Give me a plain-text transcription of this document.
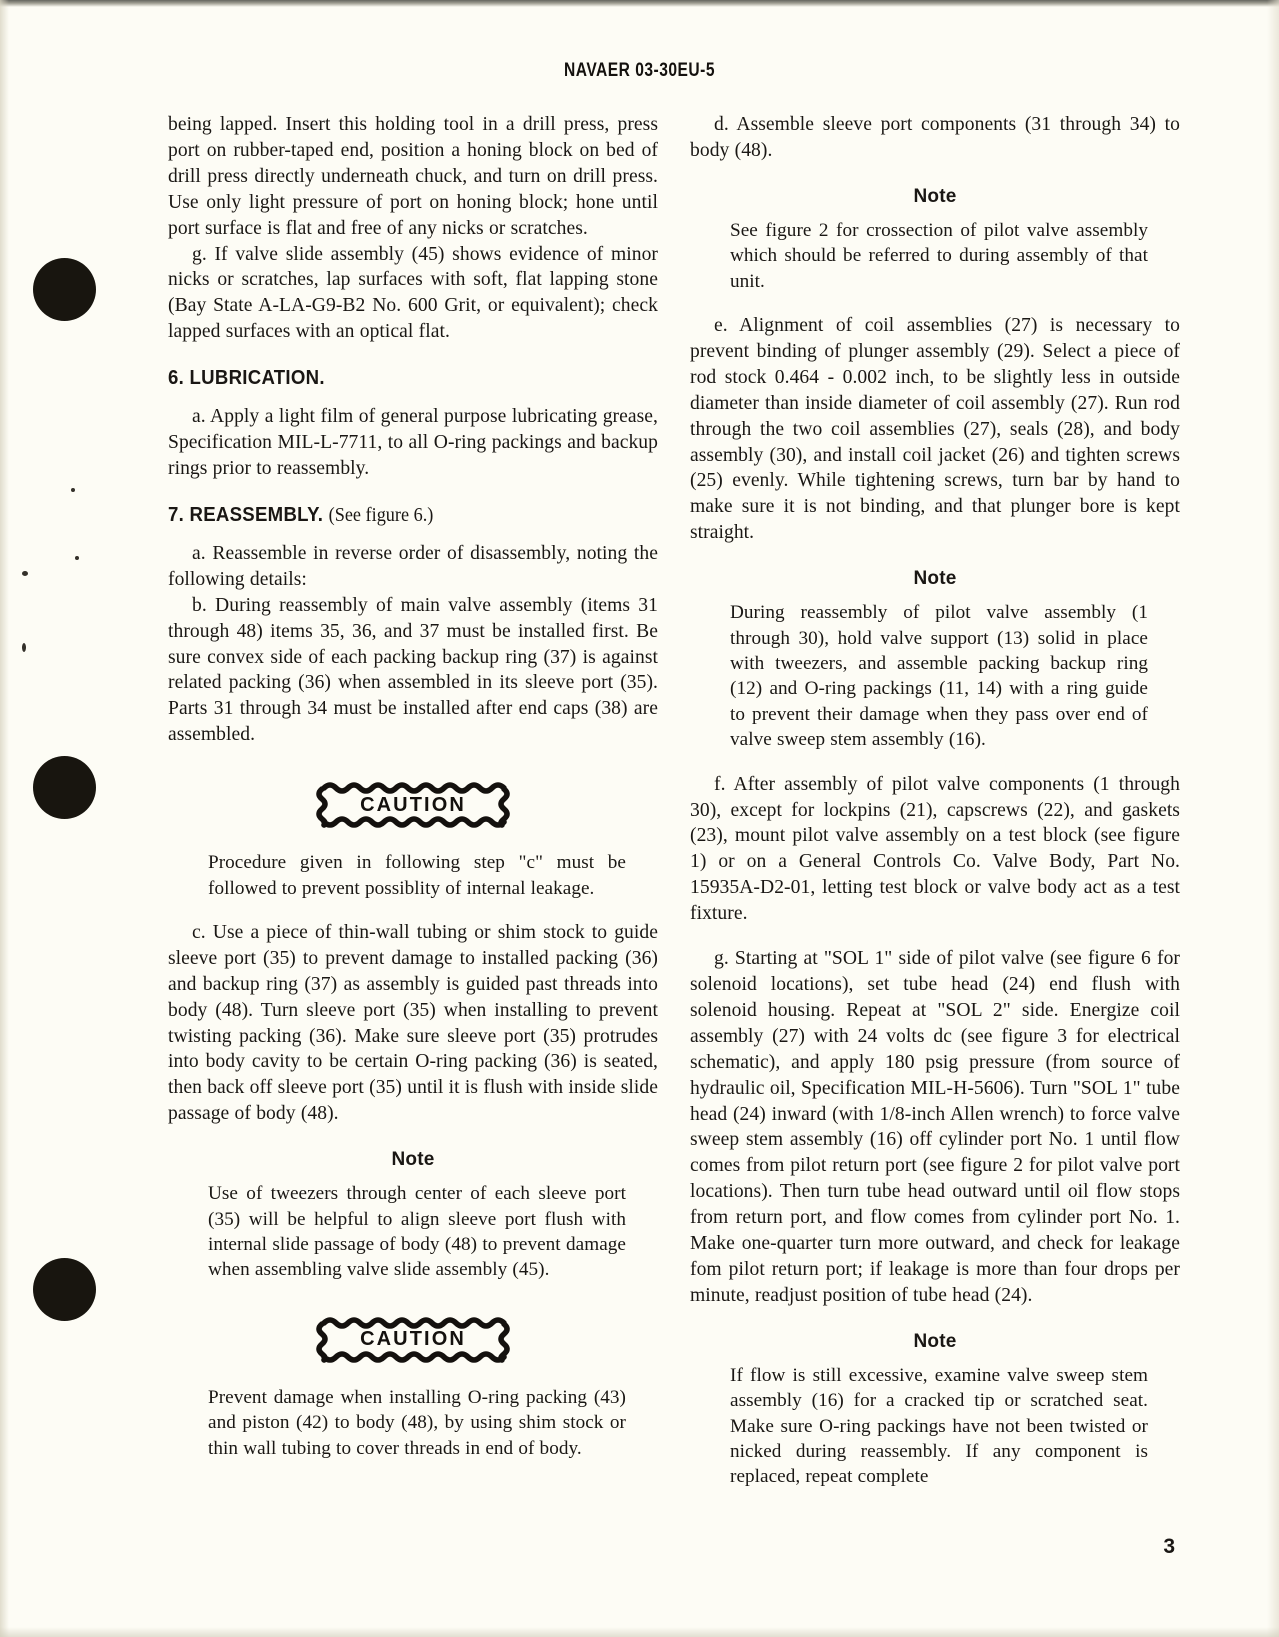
NAVAER 03-30EU-5

being lapped. Insert this holding tool in a drill press, press port on rubber-taped end, position a honing block on bed of drill press directly underneath chuck, and turn on drill press. Use only light pressure of port on honing block; hone until port surface is flat and free of any nicks or scratches.

g. If valve slide assembly (45) shows evidence of minor nicks or scratches, lap surfaces with soft, flat lapping stone (Bay State A-LA-G9-B2 No. 600 Grit, or equivalent); check lapped surfaces with an optical flat.

6. LUBRICATION.

a. Apply a light film of general purpose lubricating grease, Specification MIL-L-7711, to all O-ring packings and backup rings prior to reassembly.

7. REASSEMBLY. (See figure 6.)

a. Reassemble in reverse order of disassembly, noting the following details:

b. During reassembly of main valve assembly (items 31 through 48) items 35, 36, and 37 must be installed first. Be sure convex side of each packing backup ring (37) is against related packing (36) when assembled in its sleeve port (35). Parts 31 through 34 must be installed after end caps (38) are assembled.

CAUTION

Procedure given in following step "c" must be followed to prevent possiblity of internal leakage.

c. Use a piece of thin-wall tubing or shim stock to guide sleeve port (35) to prevent damage to installed packing (36) and backup ring (37) as assembly is guided past threads into body (48). Turn sleeve port (35) when installing to prevent twisting packing (36). Make sure sleeve port (35) protrudes into body cavity to be certain O-ring packing (36) is seated, then back off sleeve port (35) until it is flush with inside slide passage of body (48).

Note

Use of tweezers through center of each sleeve port (35) will be helpful to align sleeve port flush with internal slide passage of body (48) to prevent damage when assembling valve slide assembly (45).

CAUTION

Prevent damage when installing O-ring packing (43) and piston (42) to body (48), by using shim stock or thin wall tubing to cover threads in end of body.

d. Assemble sleeve port components (31 through 34) to body (48).

Note

See figure 2 for crossection of pilot valve assembly which should be referred to during assembly of that unit.

e. Alignment of coil assemblies (27) is necessary to prevent binding of plunger assembly (29). Select a piece of rod stock 0.464 - 0.002 inch, to be slightly less in outside diameter than inside diameter of coil assembly (27). Run rod through the two coil assemblies (27), seals (28), and body assembly (30), and install coil jacket (26) and tighten screws (25) evenly. While tightening screws, turn bar by hand to make sure it is not binding, and that plunger bore is kept straight.

Note

During reassembly of pilot valve assembly (1 through 30), hold valve support (13) solid in place with tweezers, and assemble packing backup ring (12) and O-ring packings (11, 14) with a ring guide to prevent their damage when they pass over end of valve sweep stem assembly (16).

f. After assembly of pilot valve components (1 through 30), except for lockpins (21), capscrews (22), and gaskets (23), mount pilot valve assembly on a test block (see figure 1) or on a General Controls Co. Valve Body, Part No. 15935A-D2-01, letting test block or valve body act as a test fixture.

g. Starting at "SOL 1" side of pilot valve (see figure 6 for solenoid locations), set tube head (24) end flush with solenoid housing. Repeat at "SOL 2" side. Energize coil assembly (27) with 24 volts dc (see figure 3 for electrical schematic), and apply 180 psig pressure (from source of hydraulic oil, Specification MIL-H-5606). Turn "SOL 1" tube head (24) inward (with 1/8-inch Allen wrench) to force valve sweep stem assembly (16) off cylinder port No. 1 until flow comes from pilot return port (see figure 2 for pilot valve port locations). Then turn tube head outward until oil flow stops from return port, and flow comes from cylinder port No. 1. Make one-quarter turn more outward, and check for leakage fom pilot return port; if leakage is more than four drops per minute, readjust position of tube head (24).

Note

If flow is still excessive, examine valve sweep stem assembly (16) for a cracked tip or scratched seat. Make sure O-ring packings have not been twisted or nicked during reassembly. If any component is replaced, repeat complete

3
